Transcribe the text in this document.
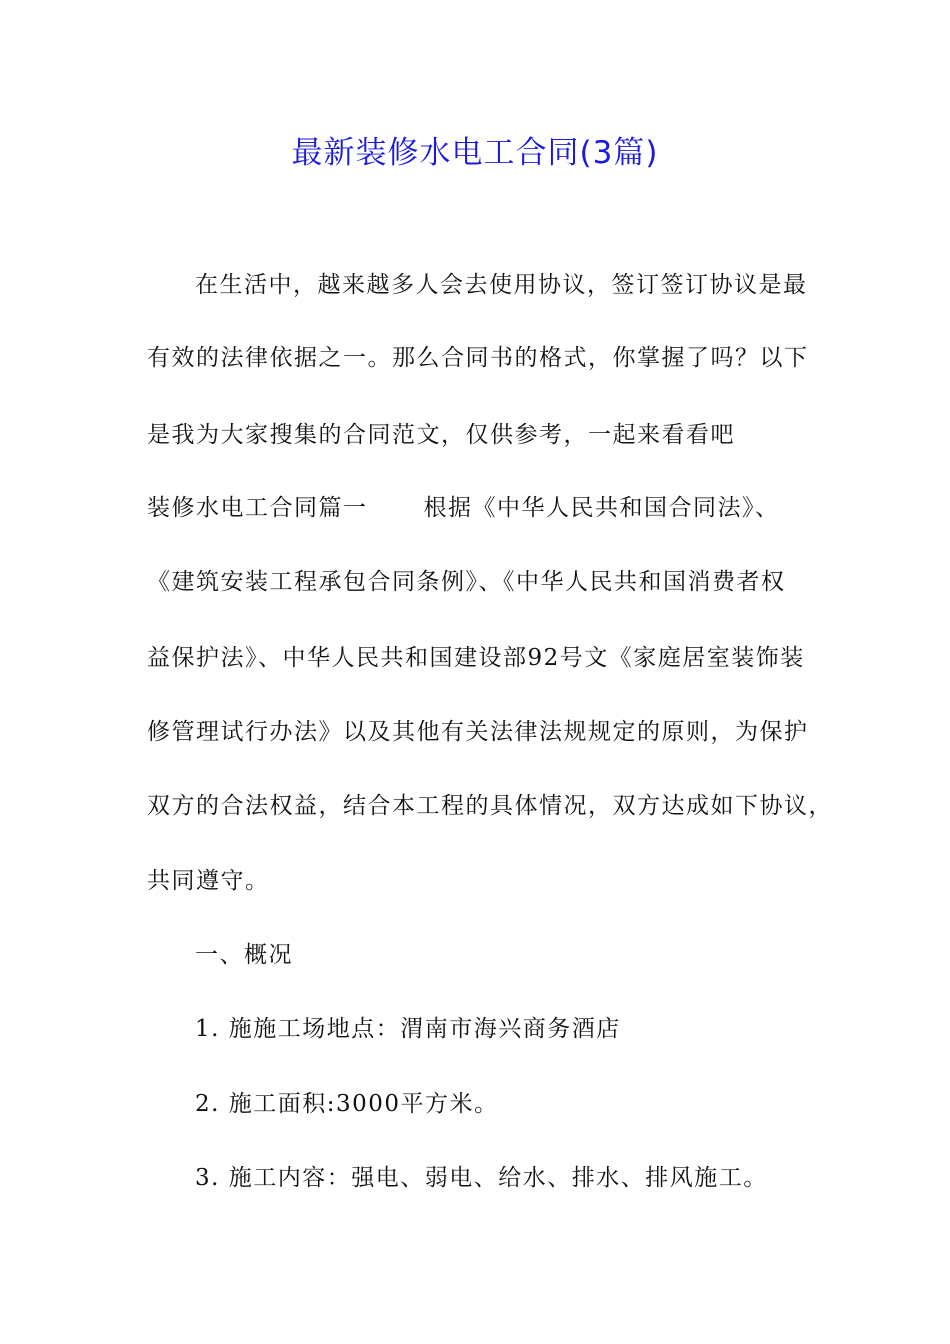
最新装修水电工合同(3篇)
在生活中，越来越多人会去使用协议，签订签订协议是最
有效的法律依据之一。那么合同书的格式，你掌握了吗？以下
是我为大家搜集的合同范文，仅供参考，一起来看看吧
装修水电工合同篇一 根据《中华人民共和国合同法》、
《建筑安装工程承包合同条例》、《中华人民共和国消费者权
益保护法》、中华人民共和国建设部92号文《家庭居室装饰装
修管理试行办法》以及其他有关法律法规规定的原则，为保护
双方的合法权益，结合本工程的具体情况，双方达成如下协议，
共同遵守。
一、概况
1. 施施工场地点：渭南市海兴商务酒店
2. 施工面积:3000平方米。
3. 施工内容：强电、弱电、给水、排水、排风施工。
